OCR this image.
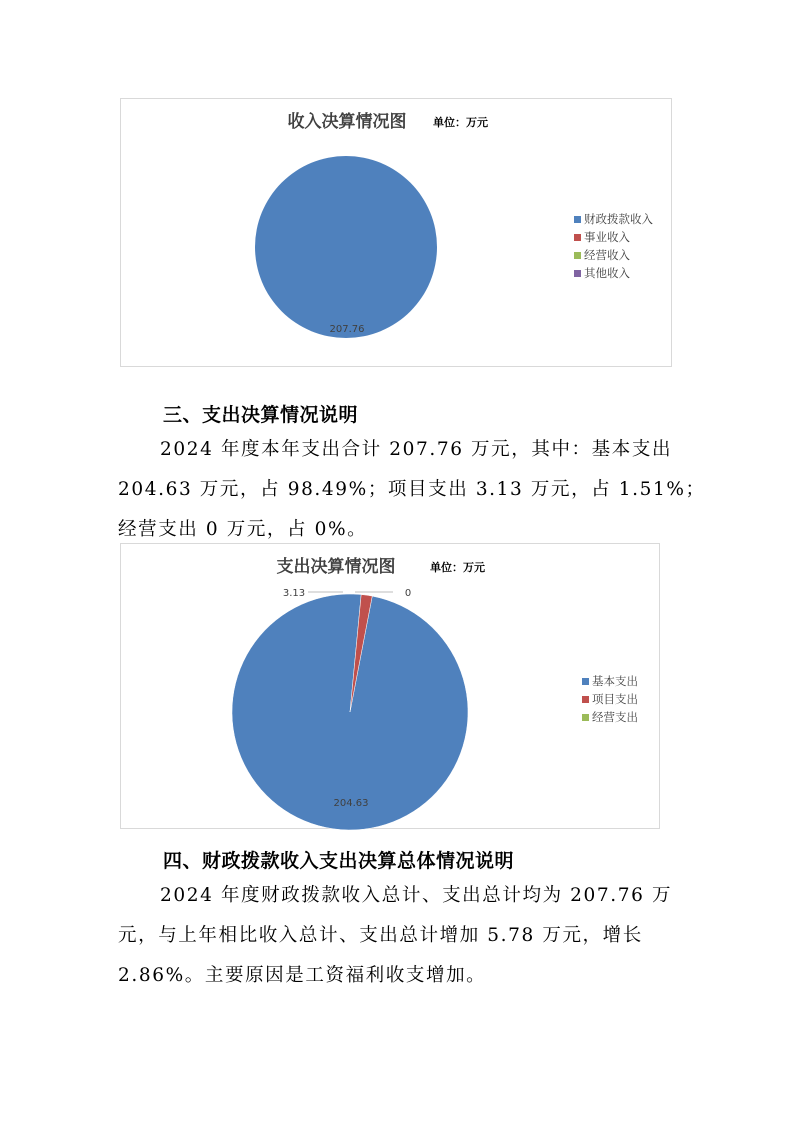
收入决算情况图 单位：万元
207.76
财政拨款收入
事业收入
经营收入
其他收入
三、支出决算情况说明
2024 年度本年支出合计 207.76 万元，其中：基本支出
204.63 万元，占 98.49%；项目支出 3.13 万元，占 1.51%；
经营支出 0 万元，占 0%。
支出决算情况图	单位：万元
204.63
3.13	0
基本支出
项目支出
经营支出
四、财政拨款收入支出决算总体情况说明
2024 年度财政拨款收入总计、支出总计均为 207.76 万
元，与上年相比收入总计、支出总计增加 5.78 万元，增长
2.86%。主要原因是工资福利收支增加。
